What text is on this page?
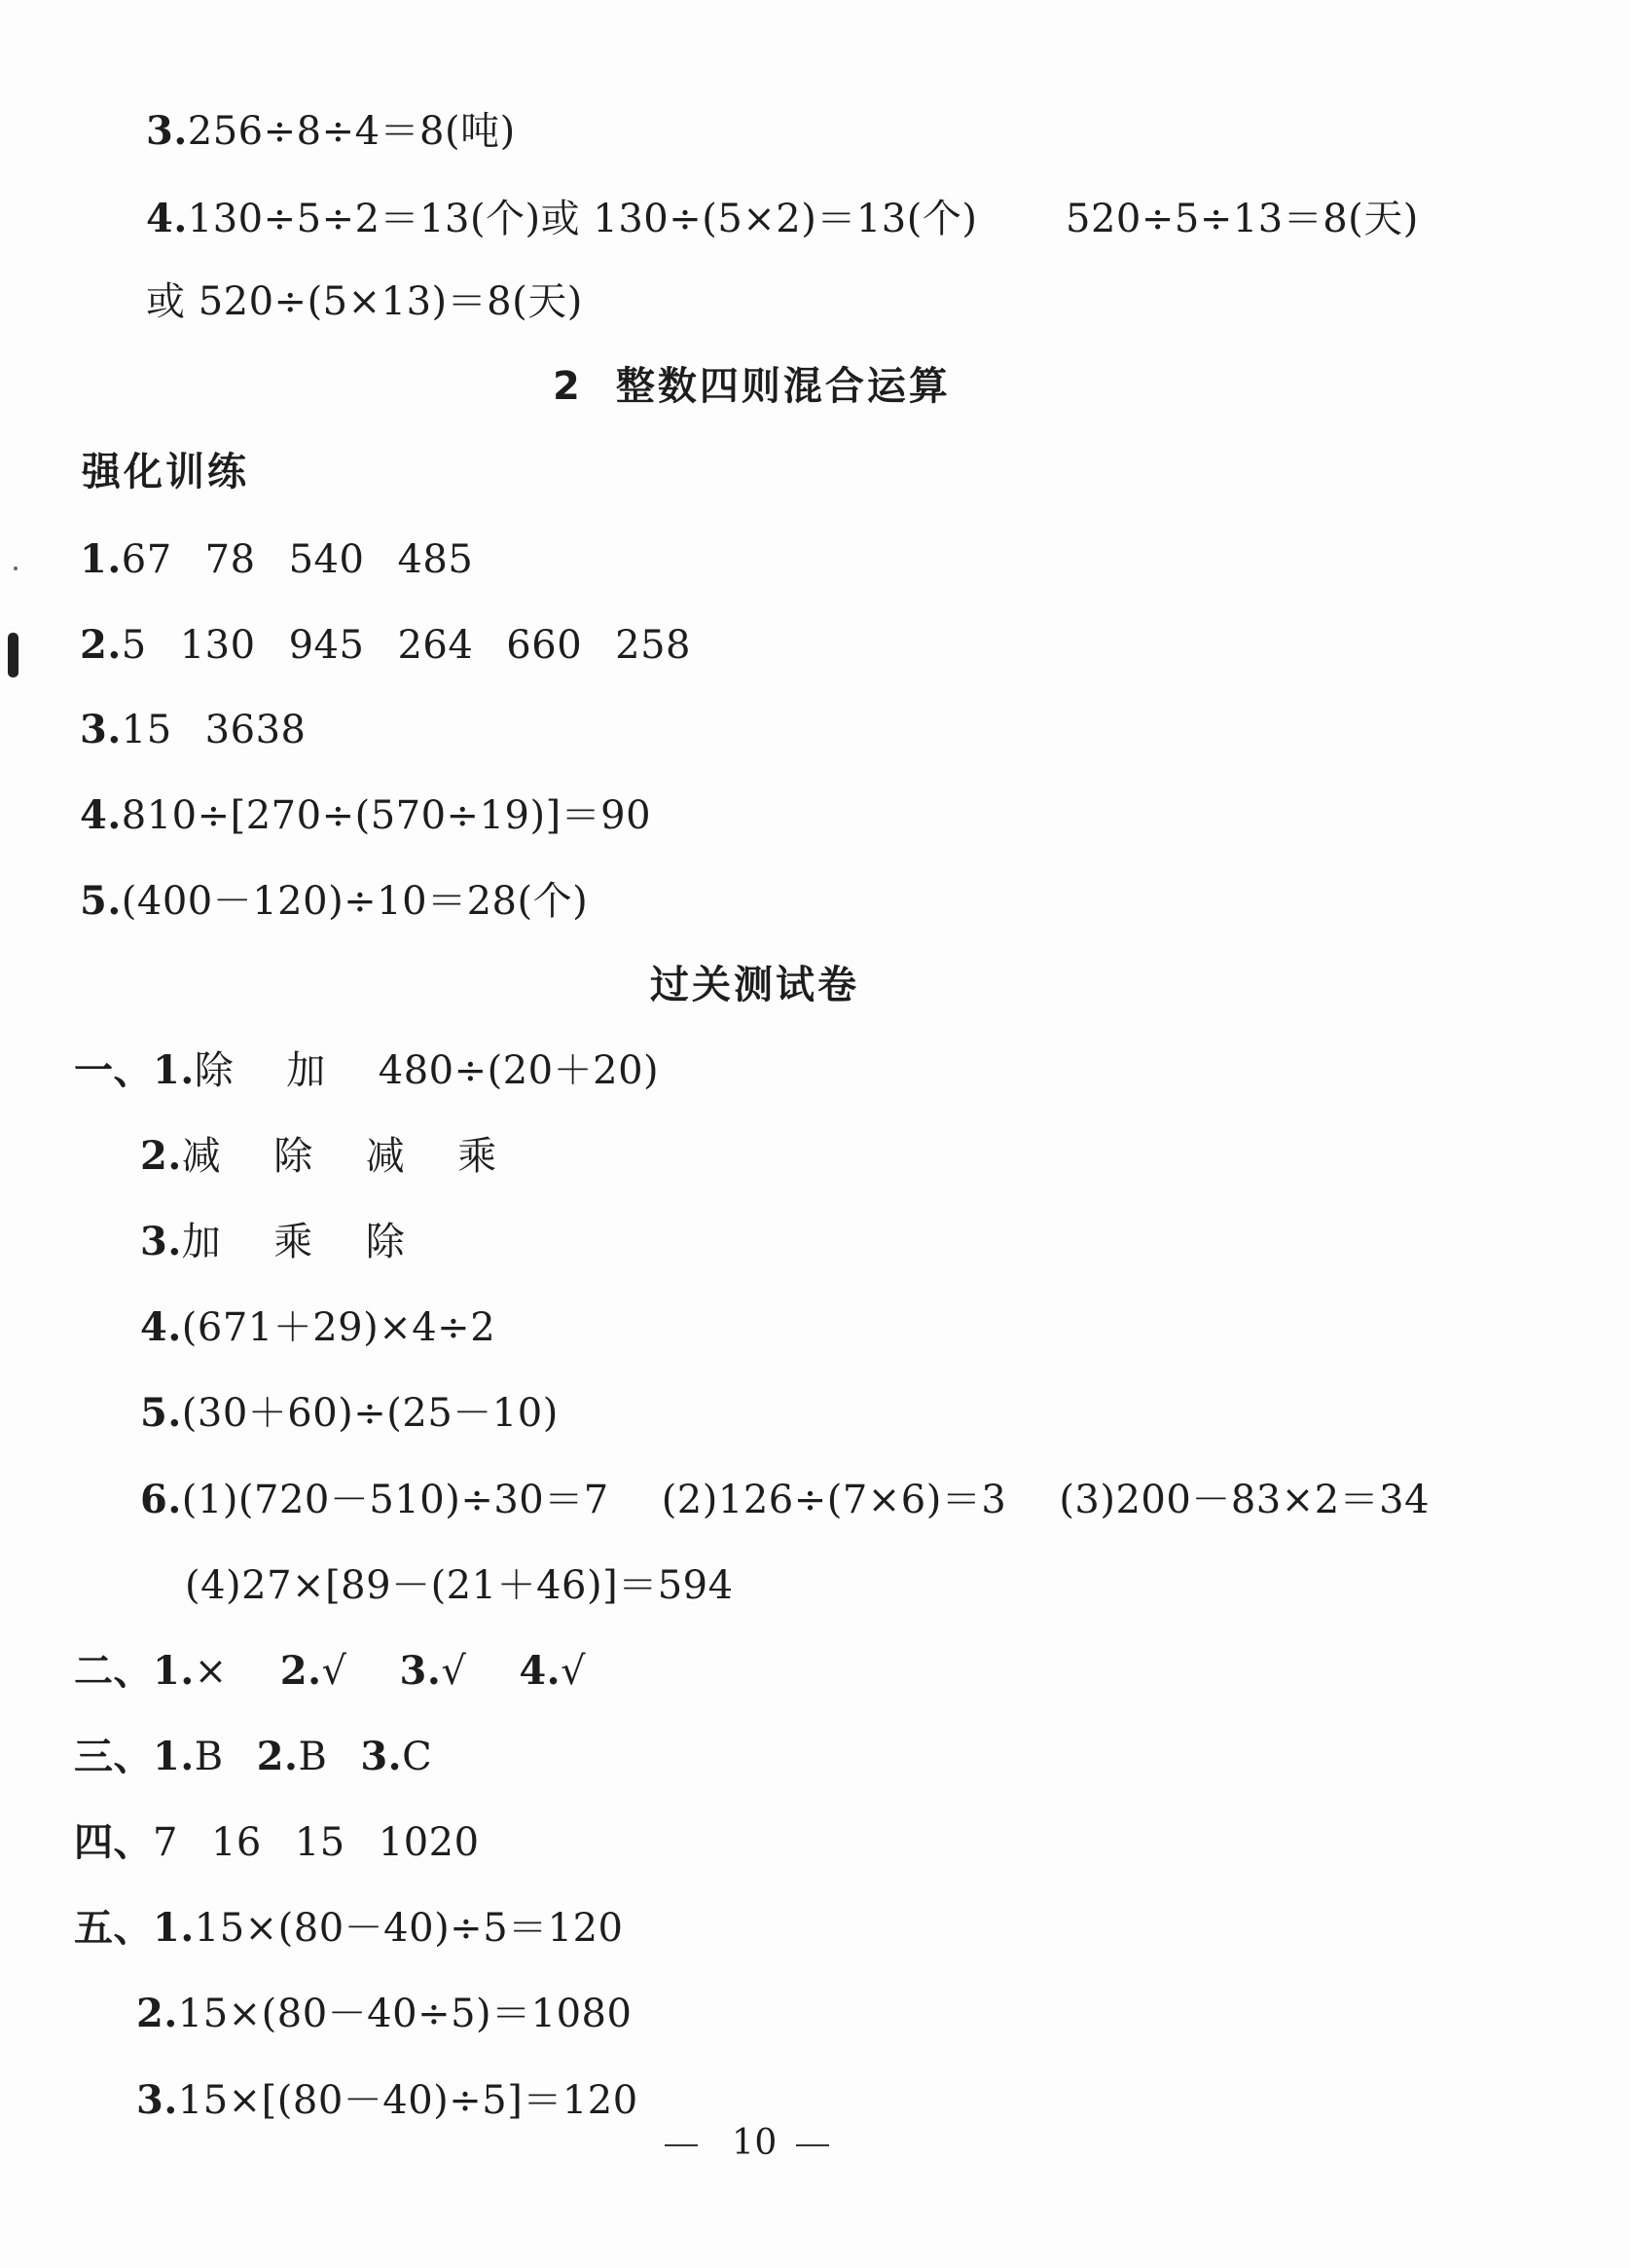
3.256÷8÷4＝8(吨)
4.130÷5÷2＝13(个)或 130÷(5×2)＝13(个) 520÷5÷13＝8(天)
或 520÷(5×13)＝8(天)
2 整数四则混合运算
强化训练
1.67 78 540 485
2.5 130 945 264 660 258
3.15 3638
4.810÷[270÷(570÷19)]＝90
5.(400－120)÷10＝28(个)
过关测试卷
一、1.除 加 480÷(20＋20)
2.减 除 减 乘
3.加 乘 除
4.(671＋29)×4÷2
5.(30＋60)÷(25－10)
6.(1)(720－510)÷30＝7 (2)126÷(7×6)＝3 (3)200－83×2＝34
(4)27×[89－(21＋46)]＝594
二、1.× 2.√ 3.√ 4.√
三、1.B 2.B 3.C
四、7 16 15 1020
五、1.15×(80－40)÷5＝120
2.15×(80－40÷5)＝1080
3.15×[(80－40)÷5]＝120
10
